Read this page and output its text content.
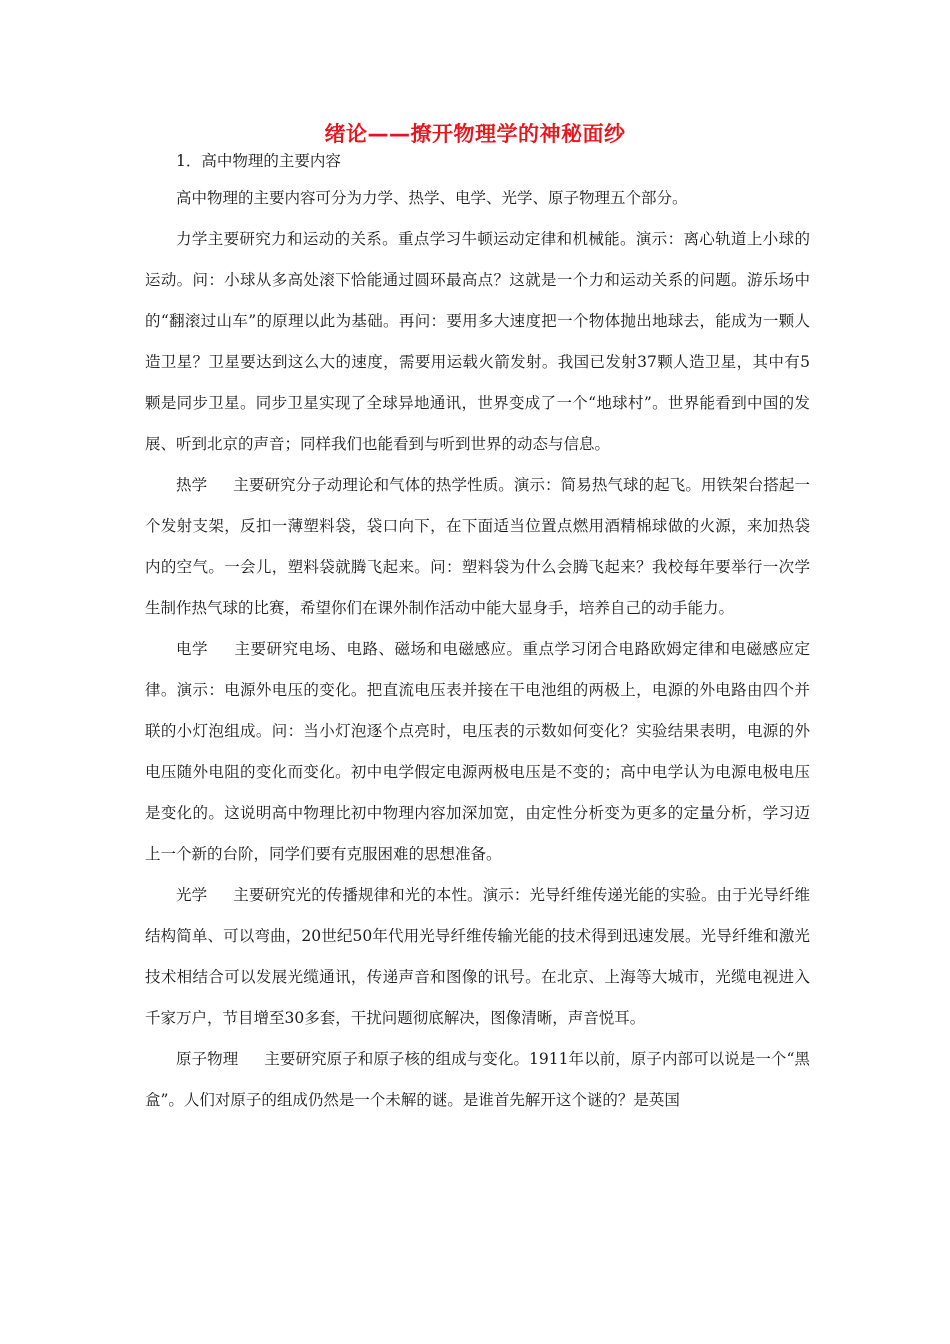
绪论——撩开物理学的神秘面纱

1．高中物理的主要内容

高中物理的主要内容可分为力学、热学、电学、光学、原子物理五个部分。

力学主要研究力和运动的关系。重点学习牛顿运动定律和机械能。演示：离心轨道上小球的运动。问：小球从多高处滚下恰能通过圆环最高点？这就是一个力和运动关系的问题。游乐场中的“翻滚过山车”的原理以此为基础。再问：要用多大速度把一个物体抛出地球去，能成为一颗人造卫星？卫星要达到这么大的速度，需要用运载火箭发射。我国已发射37颗人造卫星，其中有5颗是同步卫星。同步卫星实现了全球异地通讯，世界变成了一个“地球村”。世界能看到中国的发展、听到北京的声音；同样我们也能看到与听到世界的动态与信息。

热学 主要研究分子动理论和气体的热学性质。演示：简易热气球的起飞。用铁架台搭起一个发射支架，反扣一薄塑料袋，袋口向下，在下面适当位置点燃用酒精棉球做的火源，来加热袋内的空气。一会儿，塑料袋就腾飞起来。问：塑料袋为什么会腾飞起来？我校每年要举行一次学生制作热气球的比赛，希望你们在课外制作活动中能大显身手，培养自己的动手能力。

电学 主要研究电场、电路、磁场和电磁感应。重点学习闭合电路欧姆定律和电磁感应定律。演示：电源外电压的变化。把直流电压表并接在干电池组的两极上，电源的外电路由四个并联的小灯泡组成。问：当小灯泡逐个点亮时，电压表的示数如何变化？实验结果表明，电源的外电压随外电阻的变化而变化。初中电学假定电源两极电压是不变的；高中电学认为电源电极电压是变化的。这说明高中物理比初中物理内容加深加宽，由定性分析变为更多的定量分析，学习迈上一个新的台阶，同学们要有克服困难的思想准备。

光学 主要研究光的传播规律和光的本性。演示：光导纤维传递光能的实验。由于光导纤维结构简单、可以弯曲，20世纪50年代用光导纤维传输光能的技术得到迅速发展。光导纤维和激光技术相结合可以发展光缆通讯，传递声音和图像的讯号。在北京、上海等大城市，光缆电视进入千家万户，节目增至30多套，干扰问题彻底解决，图像清晰，声音悦耳。

原子物理 主要研究原子和原子核的组成与变化。1911年以前，原子内部可以说是一个“黑盒”。人们对原子的组成仍然是一个未解的谜。是谁首先解开这个谜的？是英国
